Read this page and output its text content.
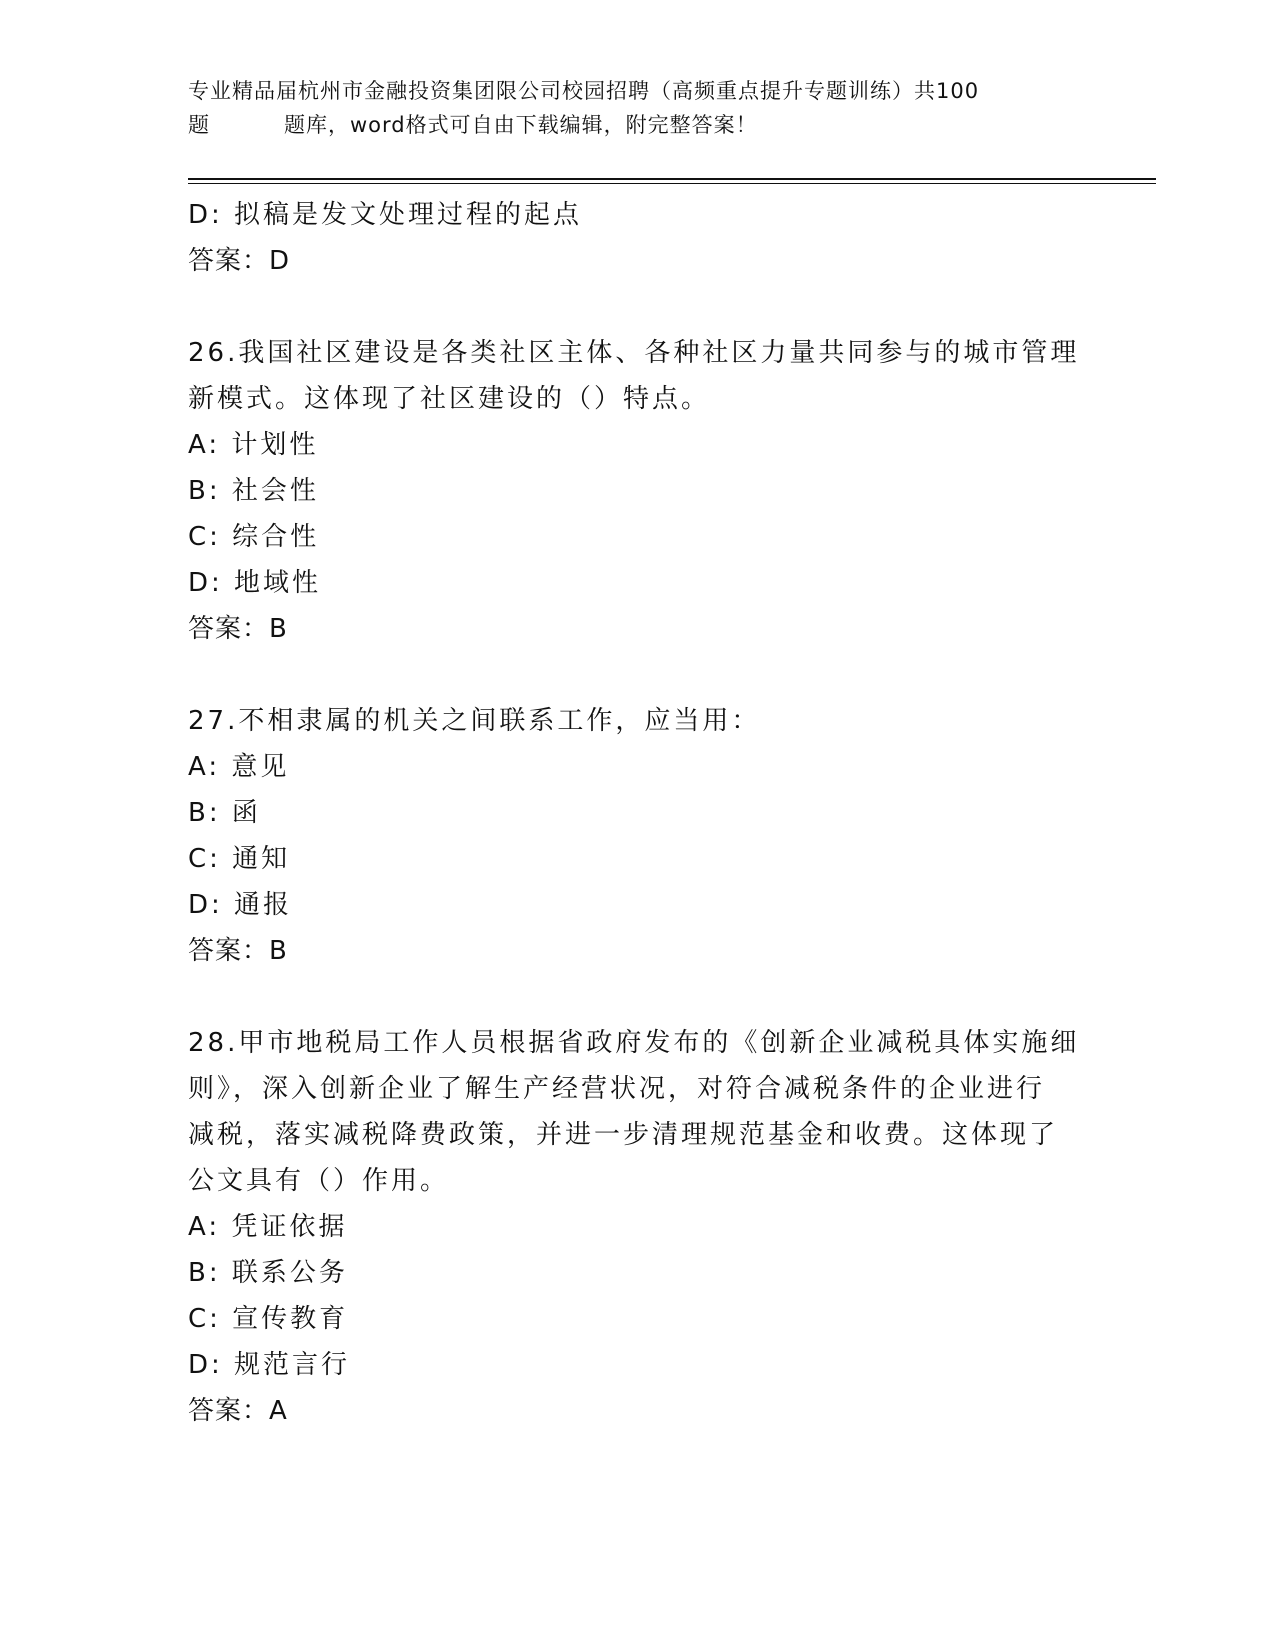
专业精品届杭州市金融投资集团限公司校园招聘（高频重点提升专题训练）共100
题	题库，word格式可自由下载编辑，附完整答案！
D: 拟稿是发文处理过程的起点
答案：D
26.我国社区建设是各类社区主体、各种社区力量共同参与的城市管理
新模式。这体现了社区建设的（）特点。
A: 计划性
B: 社会性
C: 综合性
D: 地域性
答案：B
27.不相隶属的机关之间联系工作，应当用：
A: 意见
B: 函
C: 通知
D: 通报
答案：B
28.甲市地税局工作人员根据省政府发布的《创新企业减税具体实施细
则》，深入创新企业了解生产经营状况，对符合减税条件的企业进行
减税，落实减税降费政策，并进一步清理规范基金和收费。这体现了
公文具有（）作用。
A: 凭证依据
B: 联系公务
C: 宣传教育
D: 规范言行
答案：A
